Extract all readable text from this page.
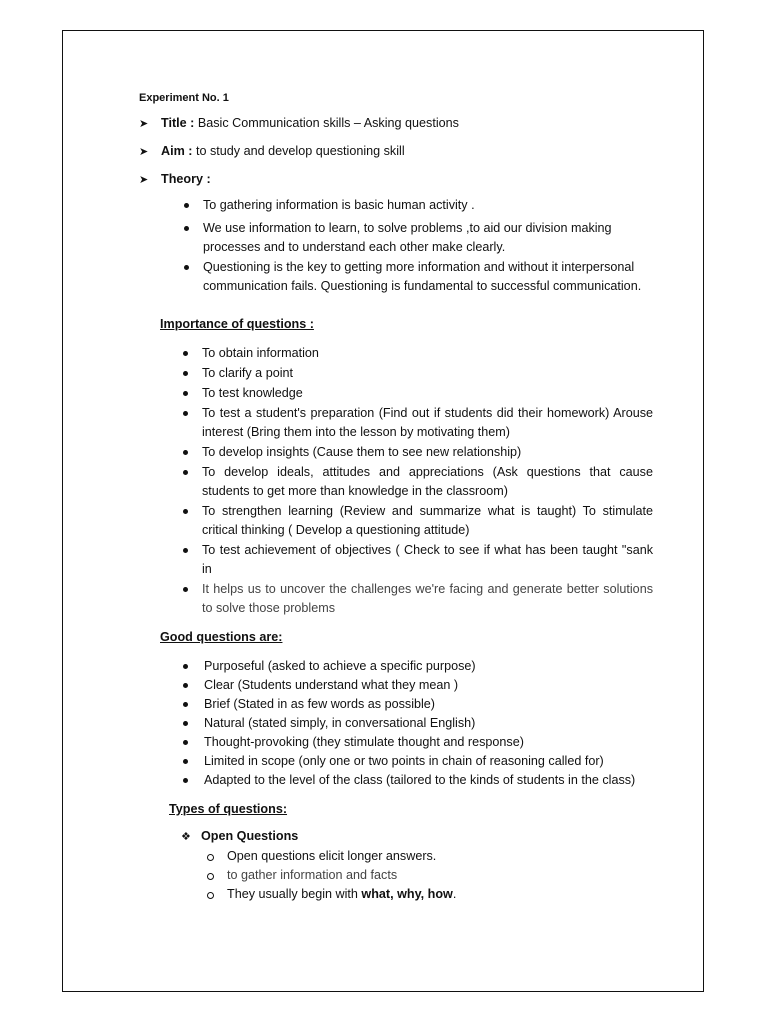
Experiment No. 1
➤	Title : Basic Communication skills – Asking questions
➤	Aim : to study and develop questioning skill
➤	Theory :
To gathering information is basic human activity .
We use information to learn, to solve problems ,to aid our division making processes and to understand each other make clearly.
Questioning is the key to getting more information and without it interpersonal communication fails. Questioning is fundamental to successful communication.
Importance of questions :
To obtain information
To clarify a point
To test knowledge
To test a student's preparation (Find out if students did their homework) Arouse interest (Bring them into the lesson by motivating them)
To develop insights (Cause them to see new relationship)
To develop ideals, attitudes and appreciations (Ask questions that cause students to get more than knowledge in the classroom)
To strengthen learning (Review and summarize what is taught) To stimulate critical thinking ( Develop a questioning attitude)
To test achievement of objectives ( Check to see if what has been taught "sank in
It helps us to uncover the challenges we're facing and generate better solutions to solve those problems
Good questions are:
Purposeful (asked to achieve a specific purpose)
Clear (Students understand what they mean )
Brief (Stated in as few words as possible)
Natural (stated simply, in conversational English)
Thought-provoking (they stimulate thought and response)
Limited in scope (only one or two points in chain of reasoning called for)
Adapted to the level of the class (tailored to the kinds of students in the class)
Types of questions:
❖ Open Questions
Open questions elicit longer answers.
to gather information and facts
They usually begin with what, why, how.
